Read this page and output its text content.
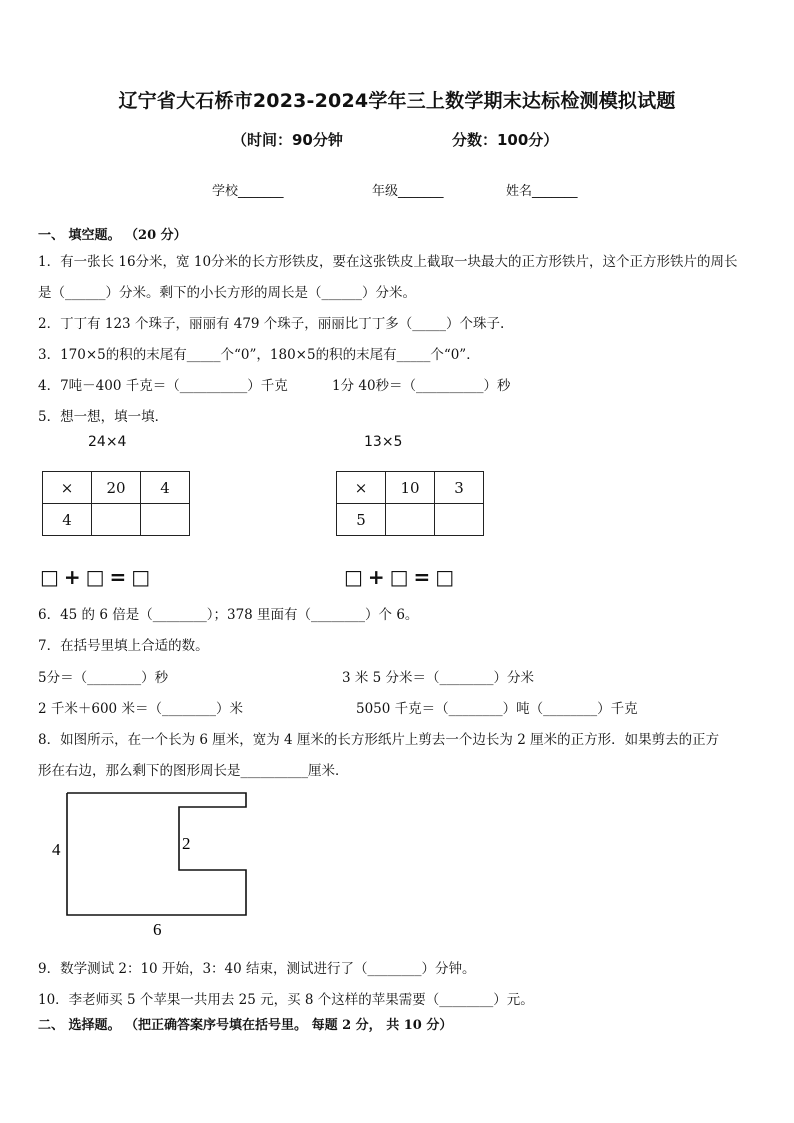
辽宁省大石桥市2023-2024学年三上数学期末达标检测模拟试题
（时间：90分钟	分数：100分）
学校_______	年级_______	姓名_______
一、 填空题。 （20 分）
1．有一张长 16分米，宽 10分米的长方形铁皮，要在这张铁皮上截取一块最大的正方形铁片，这个正方形铁片的周长
是（______）分米。剩下的小长方形的周长是（______）分米。
2．丁丁有 123 个珠子，丽丽有 479 个珠子，丽丽比丁丁多（_____）个珠子.
3．170×5的积的末尾有_____个“0”，180×5的积的末尾有_____个“0”．
4．7吨－400 千克＝（__________）千克	1分 40秒＝（__________）秒
5．想一想，填一填．
24×4	13×5
×	20	4
4		
×	10	3
5		
□+□=□	□+□=□
6．45 的 6 倍是（________）；378 里面有（________）个 6。
7．在括号里填上合适的数。
5分＝（________）秒	3 米 5 分米＝（________）分米
2 千米＋600 米＝（________）米	5050 千克＝（________）吨（________）千克
8．如图所示，在一个长为 6 厘米，宽为 4 厘米的长方形纸片上剪去一个边长为 2 厘米的正方形．如果剪去的正方
形在右边，那么剩下的图形周长是__________厘米．
4	2
6
9．数学测试 2：10 开始，3：40 结束，测试进行了（________）分钟。
10．李老师买 5 个苹果一共用去 25 元，买 8 个这样的苹果需要（________）元。
二、 选择题。 （把正确答案序号填在括号里。 每题 2 分， 共 10 分）
